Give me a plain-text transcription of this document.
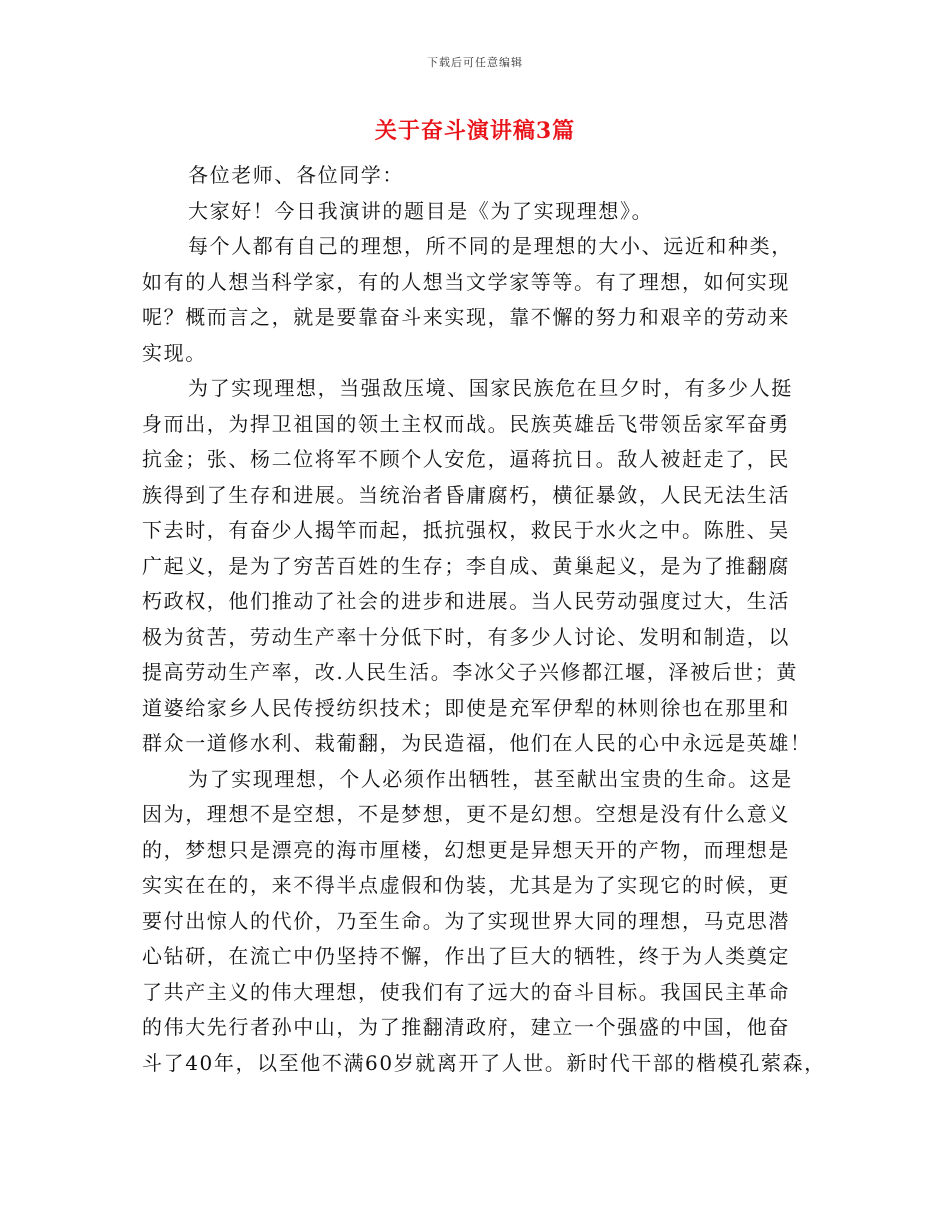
下载后可任意编辑
关于奋斗演讲稿3篇
各位老师、各位同学：
大家好！今日我演讲的题目是《为了实现理想》。
每个人都有自己的理想，所不同的是理想的大小、远近和种类，
如有的人想当科学家，有的人想当文学家等等。有了理想，如何实现
呢？概而言之，就是要靠奋斗来实现，靠不懈的努力和艰辛的劳动来
实现。
为了实现理想，当强敌压境、国家民族危在旦夕时，有多少人挺
身而出，为捍卫祖国的领土主权而战。民族英雄岳飞带领岳家军奋勇
抗金；张、杨二位将军不顾个人安危，逼蒋抗日。敌人被赶走了，民
族得到了生存和进展。当统治者昏庸腐朽，横征暴敛，人民无法生活
下去时，有奋少人揭竿而起，抵抗强权，救民于水火之中。陈胜、吴
广起义，是为了穷苦百姓的生存；李自成、黄巢起义，是为了推翻腐
朽政权，他们推动了社会的进步和进展。当人民劳动强度过大，生活
极为贫苦，劳动生产率十分低下时，有多少人讨论、发明和制造，以
提高劳动生产率，改.人民生活。李冰父子兴修都江堰，泽被后世；黄
道婆给家乡人民传授纺织技术；即使是充军伊犁的林则徐也在那里和
群众一道修水利、栽葡翻，为民造福，他们在人民的心中永远是英雄！
为了实现理想，个人必须作出牺牲，甚至献出宝贵的生命。这是
因为，理想不是空想，不是梦想，更不是幻想。空想是没有什么意义
的，梦想只是漂亮的海市厘楼，幻想更是异想天开的产物，而理想是
实实在在的，来不得半点虚假和伪装，尤其是为了实现它的时候，更
要付出惊人的代价，乃至生命。为了实现世界大同的理想，马克思潜
心钻研，在流亡中仍坚持不懈，作出了巨大的牺牲，终于为人类奠定
了共产主义的伟大理想，使我们有了远大的奋斗目标。我国民主革命
的伟大先行者孙中山，为了推翻清政府，建立一个强盛的中国，他奋
斗了40年，以至他不满60岁就离开了人世。新时代干部的楷模孔萦森，
